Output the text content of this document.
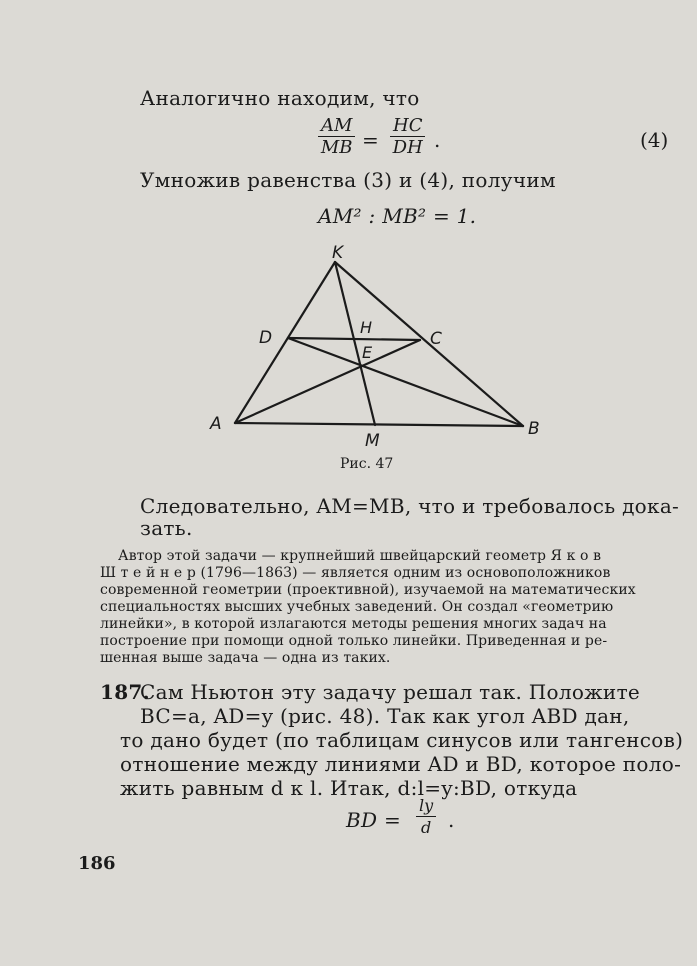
Аналогично находим, что
$\frac{AM}{MB} = \frac{HC}{DH}$ .	(4)
Умножив равенства (3) и (4), получим
AM² : MB² = 1.
K
D
H
C
E
A
M
B
Рис. 47
Следовательно, AM=MB, что и требовалось дока-
зать.
Автор этой задачи — крупнейший швейцарский геометр Я к о в
Ш т е й н е р (1796—1863) — является одним из основоположников
современной геометрии (проективной), изучаемой на математических
специальностях высших учебных заведений. Он создал «геометрию
линейки», в которой излагаются методы решения многих задач на
построение при помощи одной только линейки. Приведенная и ре-
шенная выше задача — одна из таких.
187.
Сам Ньютон эту задачу решал так. Положите
BC=a, AD=y (рис. 48). Так как угол ABD дан,
то дано будет (по таблицам синусов или тангенсов)
отношение между линиями AD и BD, которое поло-
жить равным d к l. Итак, d:l=y:BD, откуда
BD = $\frac{ly}{d}$ .
186
